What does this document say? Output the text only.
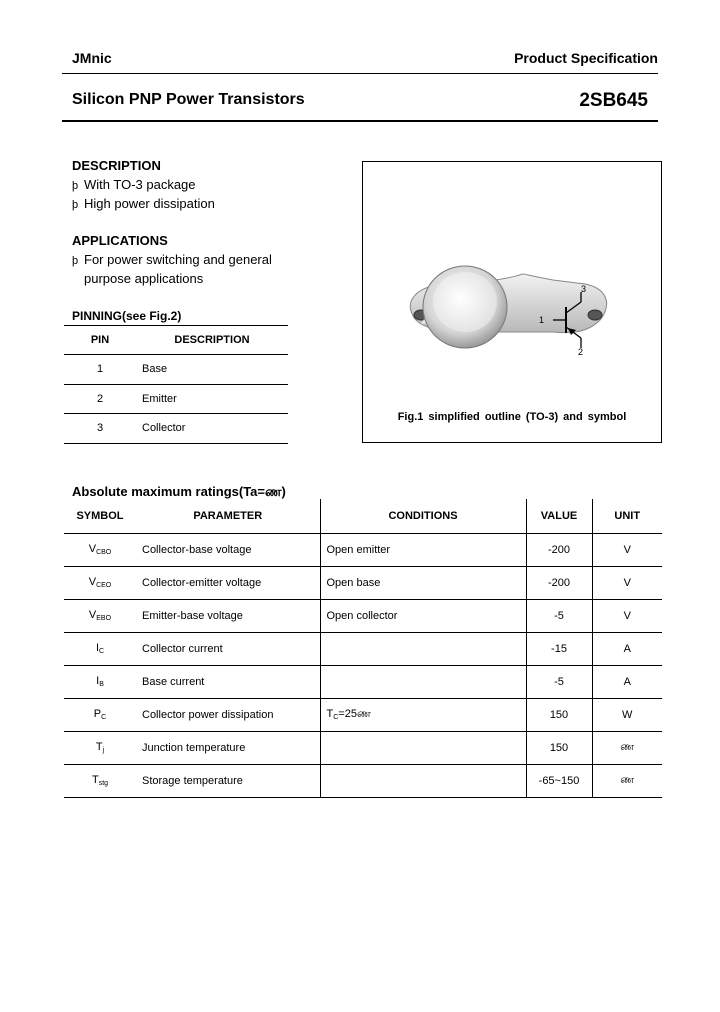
JMnic	Product Specification
Silicon PNP Power Transistors	2SB645
DESCRIPTION
þ With TO-3 package
þ High power dissipation
APPLICATIONS
þ For power switching and general
purpose applications
PINNING(see Fig.2)
PIN	DESCRIPTION
1	Base
2	Emitter
3	Collector
1
3
2
Fig.1 simplified outline (TO-3) and symbol
Absolute maximum ratings(Ta=ண)
SYMBOL	PARAMETER	CONDITIONS	VALUE	UNIT
$V_{CBO}$	Collector-base voltage	Open emitter	-200	V
$V_{CEO}$	Collector-emitter voltage	Open base	-200	V
$V_{EBO}$	Emitter-base voltage	Open collector	-5	V
$I_C$	Collector current		-15	A
$I_B$	Base current		-5	A
$P_C$	Collector power dissipation	$T_C=25ண$	150	W
$T_j$	Junction temperature		150	ண
$T_{stg}$	Storage temperature		-65~150	ண
